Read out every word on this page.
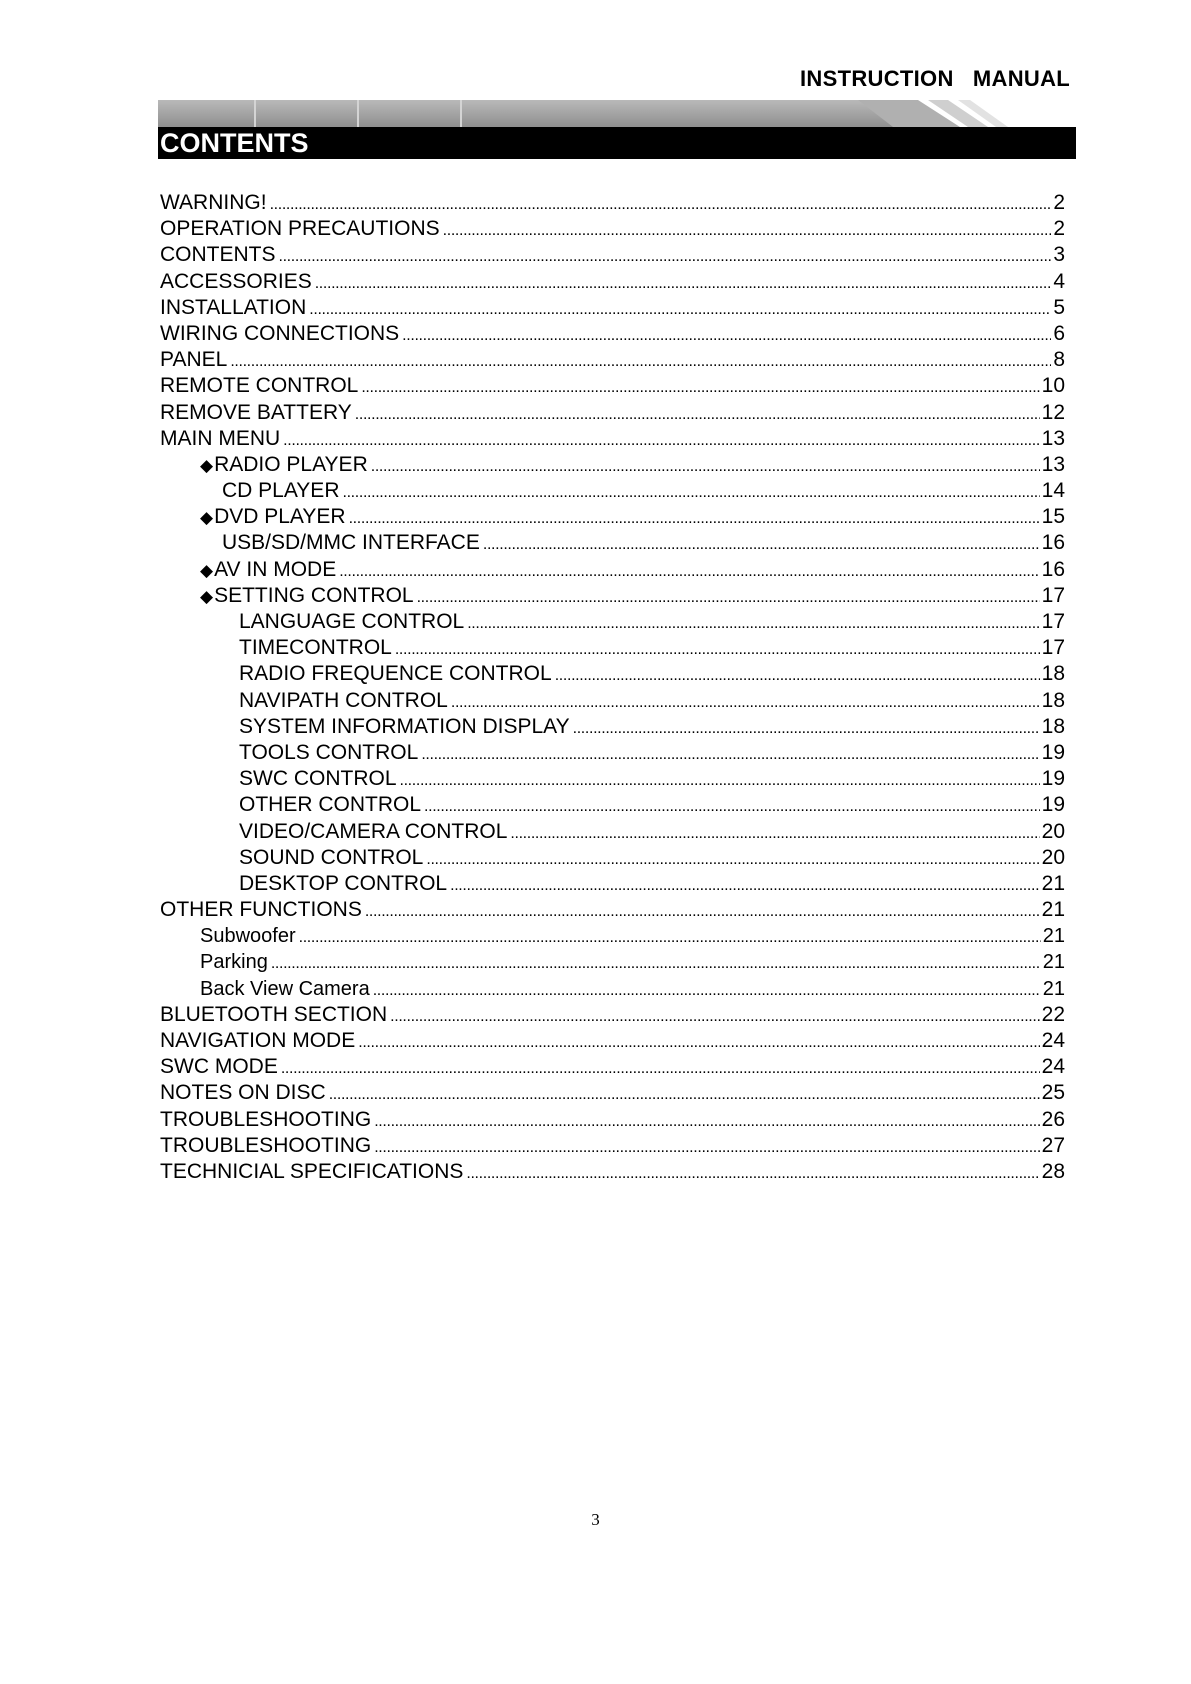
INSTRUCTION   MANUAL
CONTENTS
WARNING! . . .	2
OPERATION PRECAUTIONS . . .	2
CONTENTS . . .	3
ACCESSORIES . . .	4
INSTALLATION . . .	5
WIRING CONNECTIONS . . .	6
PANEL . . .	8
REMOTE CONTROL . . .	10
REMOVE BATTERY . . .	12
MAIN MENU . . .	13
◆RADIO PLAYER . . .	13
CD PLAYER . . .	14
◆DVD PLAYER . . .	15
USB/SD/MMC INTERFACE . . .	16
◆AV IN MODE . . .	16
◆SETTING CONTROL . . .	17
LANGUAGE CONTROL . . .	17
TIMECONTROL . . .	17
RADIO FREQUENCE CONTROL . . .	18
NAVIPATH CONTROL . . .	18
SYSTEM INFORMATION DISPLAY . . .	18
TOOLS CONTROL . . .	19
SWC CONTROL . . .	19
OTHER CONTROL . . .	19
VIDEO/CAMERA CONTROL . . .	20
SOUND CONTROL . . .	20
DESKTOP CONTROL . . .	21
OTHER FUNCTIONS . . .	21
Subwoofer . . .	21
Parking . . .	21
Back View Camera . . .	21
BLUETOOTH SECTION . . .	22
NAVIGATION MODE . . .	24
SWC MODE . . .	24
NOTES ON DISC . . .	25
TROUBLESHOOTING . . .	26
TROUBLESHOOTING . . .	27
TECHNICIAL SPECIFICATIONS . . .	28
3
